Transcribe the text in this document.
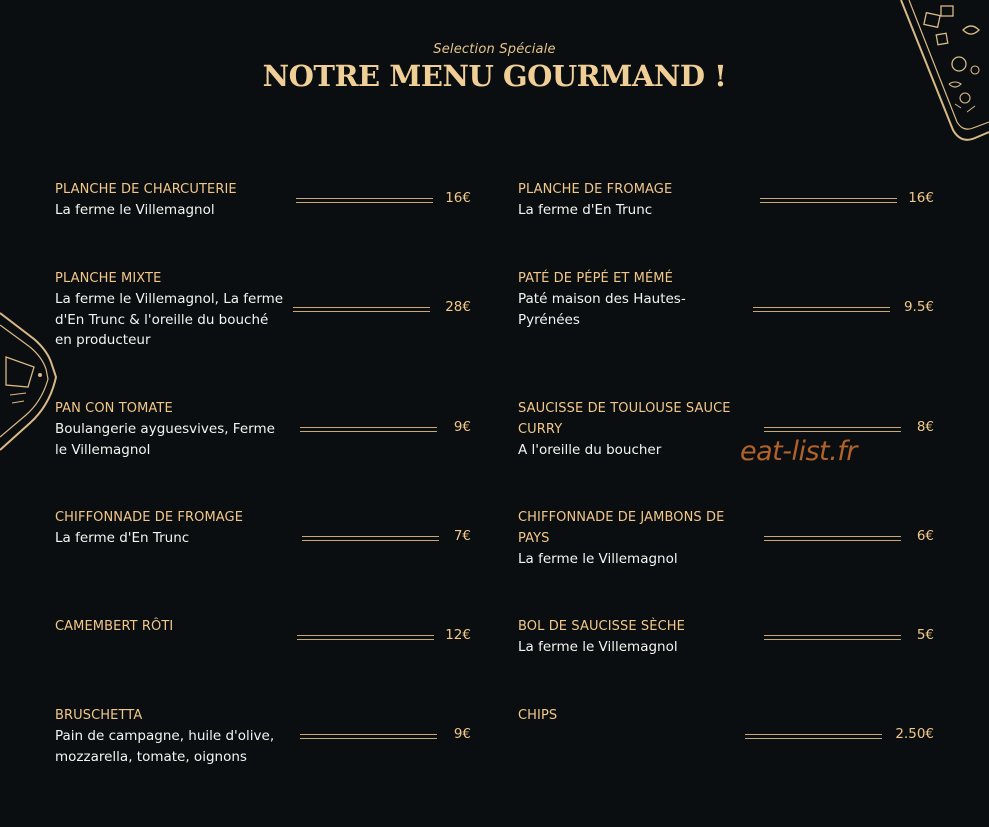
Selection Spéciale
NOTRE MENU GOURMAND !
PLANCHE DE CHARCUTERIE
La ferme le Villemagnol
16€
PLANCHE MIXTE
La ferme le Villemagnol, La ferme d'En Trunc & l'oreille du bouché en producteur
28€
PAN CON TOMATE
Boulangerie ayguesvives, Ferme le Villemagnol
9€
CHIFFONNADE DE FROMAGE
La ferme d'En Trunc	7€
CAMEMBERT RÔTI
12€
BRUSCHETTA
Pain de campagne, huile d'olive, mozzarella, tomate, oignons
9€
PLANCHE DE FROMAGE
La ferme d'En Trunc
16€
PATÉ DE PÉPÉ ET MÉMÉ
Paté maison des Hautes-Pyrénées
9.5€
SAUCISSE DE TOULOUSE SAUCE CURRY
A l'oreille du boucher
8€
CHIFFONNADE DE JAMBONS DE PAYS
La ferme le Villemagnol
6€
BOL DE SAUCISSE SÈCHE
La ferme le Villemagnol
5€
CHIPS
2.50€
eat-list.fr
